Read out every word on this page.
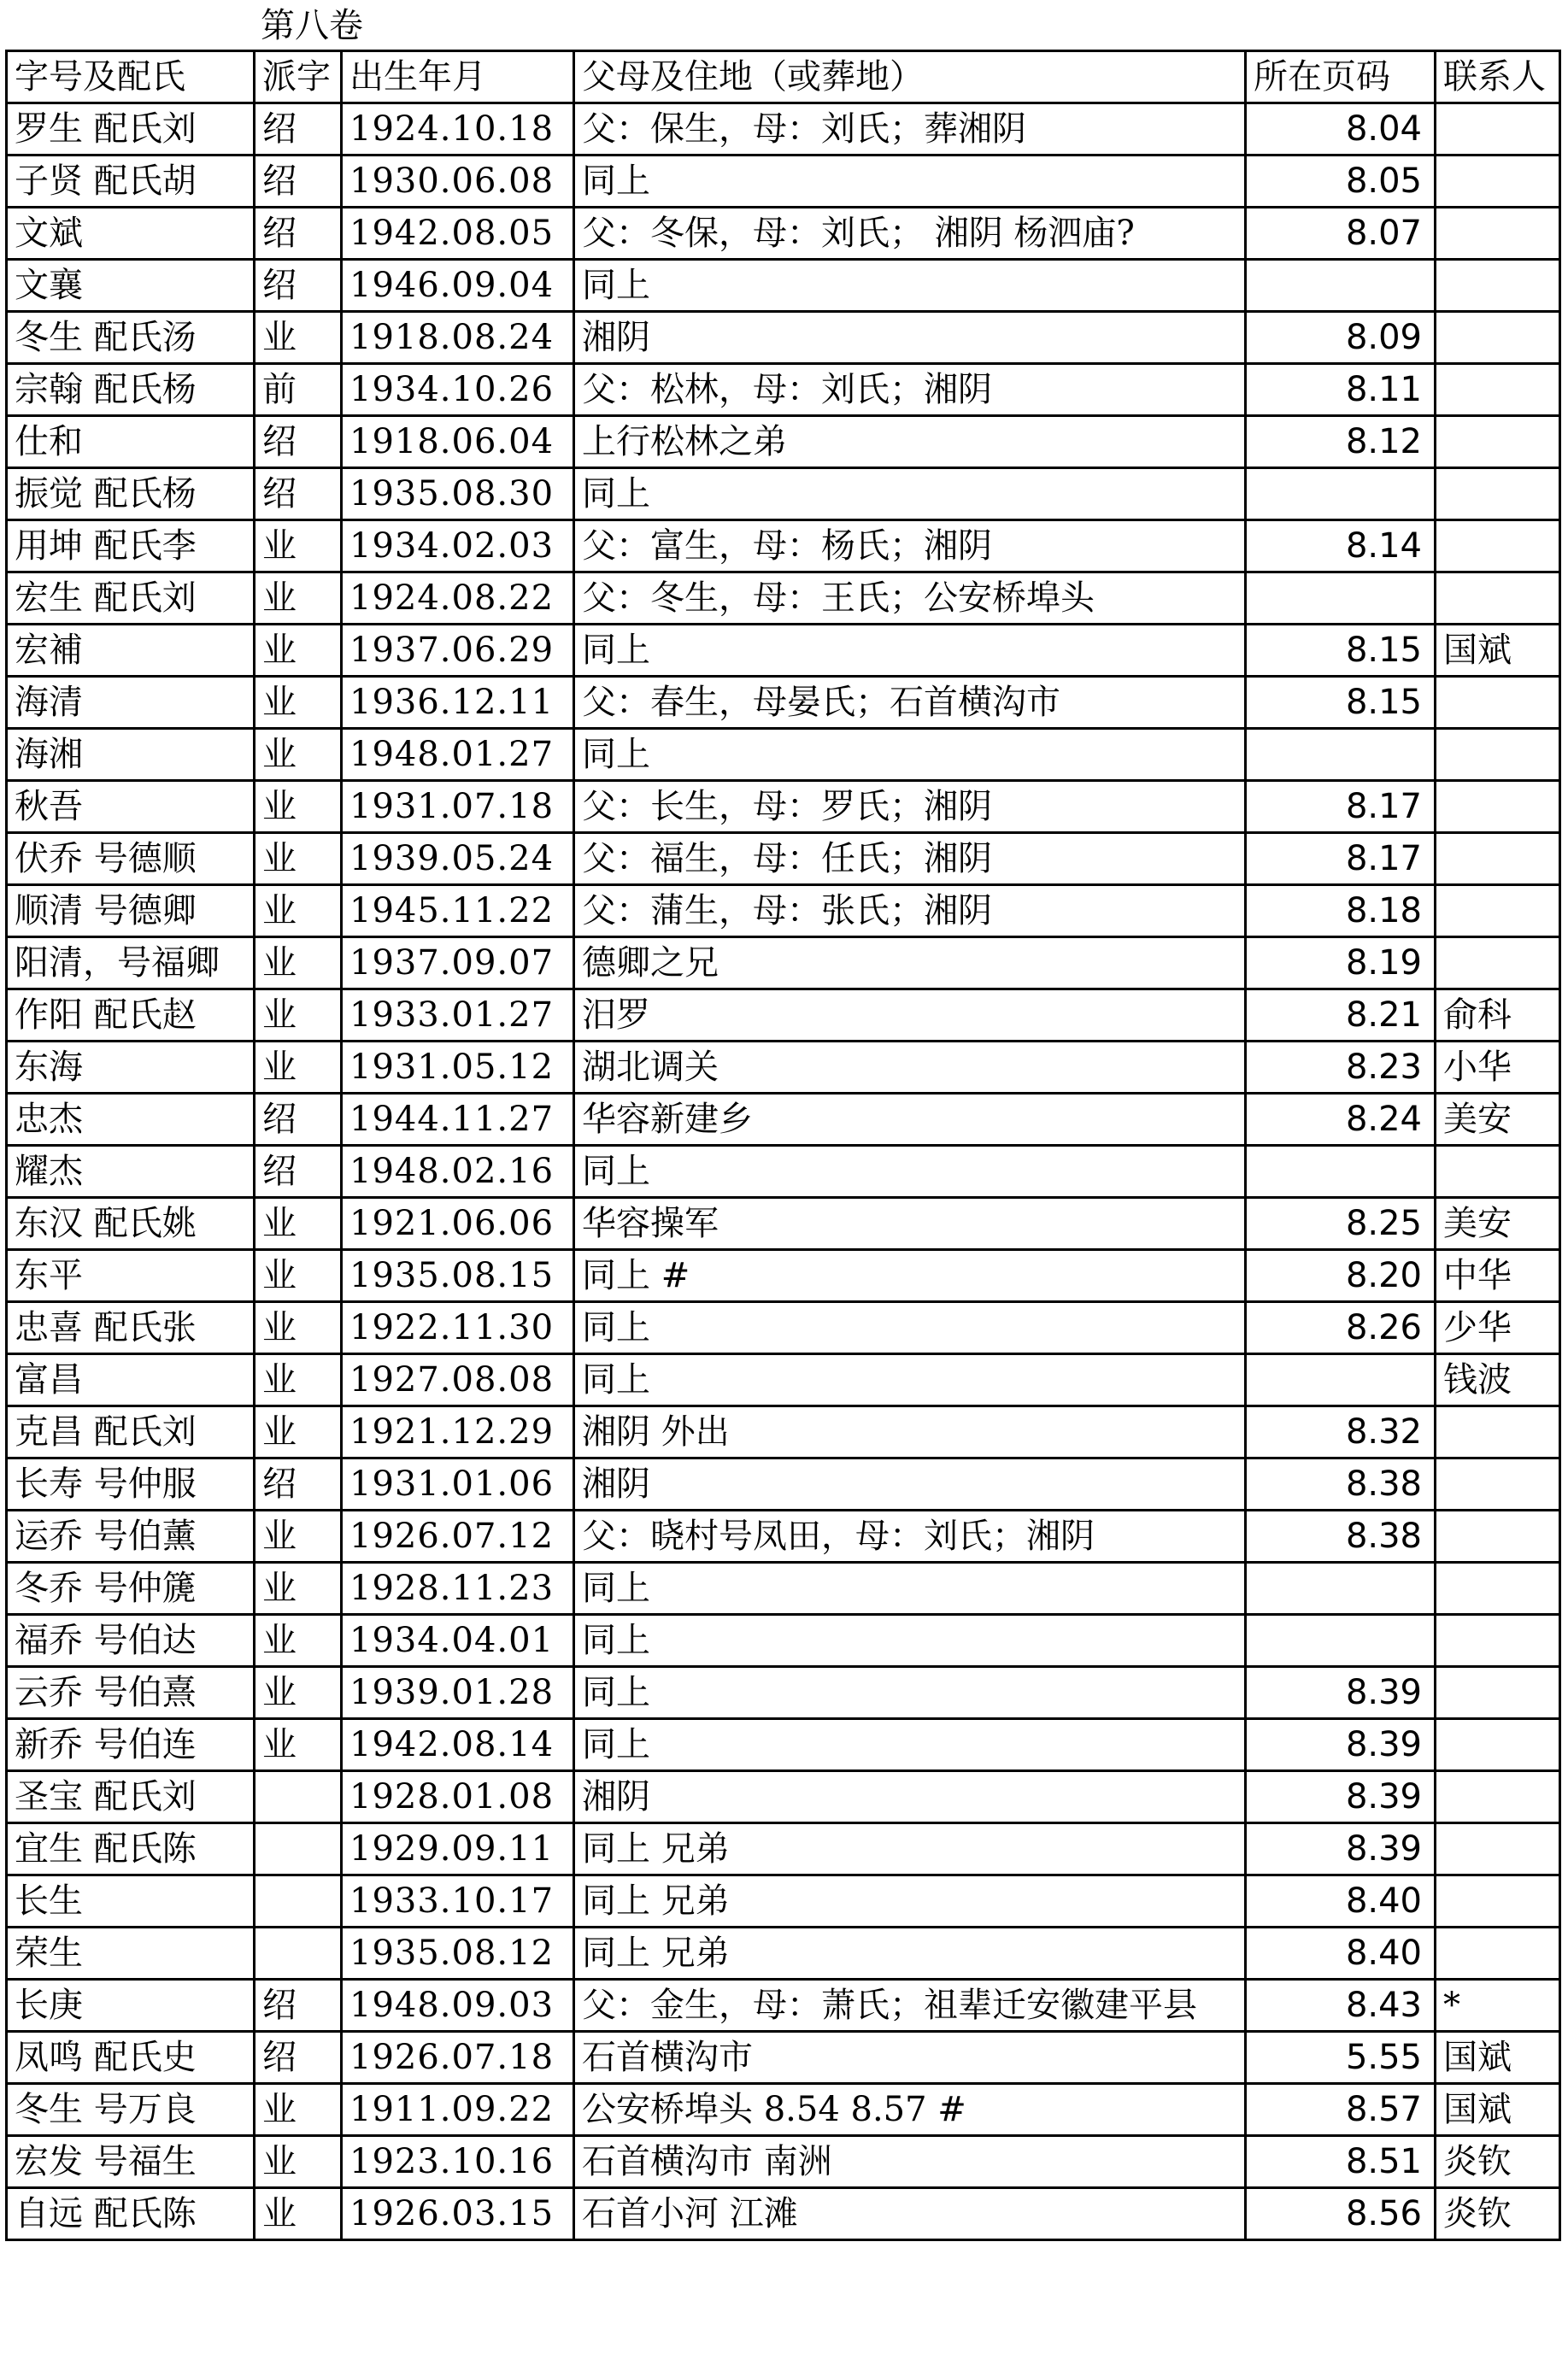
第八卷
字号及配氏	派字	出生年月	父母及住地（或葬地）	所在页码	联系人
罗生 配氏刘	绍	1924.10.18	父：保生，母：刘氏；葬湘阴	8.04	
子贤 配氏胡	绍	1930.06.08	同上	8.05	
文斌	绍	1942.08.05	父：冬保，母：刘氏； 湘阴 杨泗庙?	8.07	
文襄	绍	1946.09.04	同上		
冬生 配氏汤	业	1918.08.24	湘阴	8.09	
宗翰 配氏杨	前	1934.10.26	父：松林，母：刘氏；湘阴	8.11	
仕和	绍	1918.06.04	上行松林之弟	8.12	
振觉 配氏杨	绍	1935.08.30	同上		
用坤 配氏李	业	1934.02.03	父：富生，母：杨氏；湘阴	8.14	
宏生 配氏刘	业	1924.08.22	父：冬生，母：王氏；公安桥埠头		
宏補	业	1937.06.29	同上	8.15	国斌
海清	业	1936.12.11	父：春生，母晏氏；石首横沟市	8.15	
海湘	业	1948.01.27	同上		
秋吾	业	1931.07.18	父：长生，母：罗氏；湘阴	8.17	
伏乔 号德顺	业	1939.05.24	父：福生，母：任氏；湘阴	8.17	
顺清 号德卿	业	1945.11.22	父：蒲生，母：张氏；湘阴	8.18	
阳清，号福卿	业	1937.09.07	德卿之兄	8.19	
作阳 配氏赵	业	1933.01.27	汨罗	8.21	俞科
东海	业	1931.05.12	湖北调关	8.23	小华
忠杰	绍	1944.11.27	华容新建乡	8.24	美安
耀杰	绍	1948.02.16	同上		
东汉 配氏姚	业	1921.06.06	华容操军	8.25	美安
东平	业	1935.08.15	同上 #	8.20	中华
忠喜 配氏张	业	1922.11.30	同上	8.26	少华
富昌	业	1927.08.08	同上		钱波
克昌 配氏刘	业	1921.12.29	湘阴 外出	8.32	
长寿 号仲服	绍	1931.01.06	湘阴	8.38	
运乔 号伯薰	业	1926.07.12	父：晓村号凤田，母：刘氏；湘阴	8.38	
冬乔 号仲篪	业	1928.11.23	同上		
福乔 号伯达	业	1934.04.01	同上		
云乔 号伯熹	业	1939.01.28	同上	8.39	
新乔 号伯连	业	1942.08.14	同上	8.39	
圣宝 配氏刘		1928.01.08	湘阴	8.39	
宜生 配氏陈		1929.09.11	同上 兄弟	8.39	
长生		1933.10.17	同上 兄弟	8.40	
荣生		1935.08.12	同上 兄弟	8.40	
长庚	绍	1948.09.03	父：金生，母：萧氏；祖辈迁安徽建平县	8.43	*
凤鸣 配氏史	绍	1926.07.18	石首横沟市	5.55	国斌
冬生 号万良	业	1911.09.22	公安桥埠头 8.54 8.57 #	8.57	国斌
宏发 号福生	业	1923.10.16	石首横沟市 南洲	8.51	炎钦
自远 配氏陈	业	1926.03.15	石首小河 江滩	8.56	炎钦
